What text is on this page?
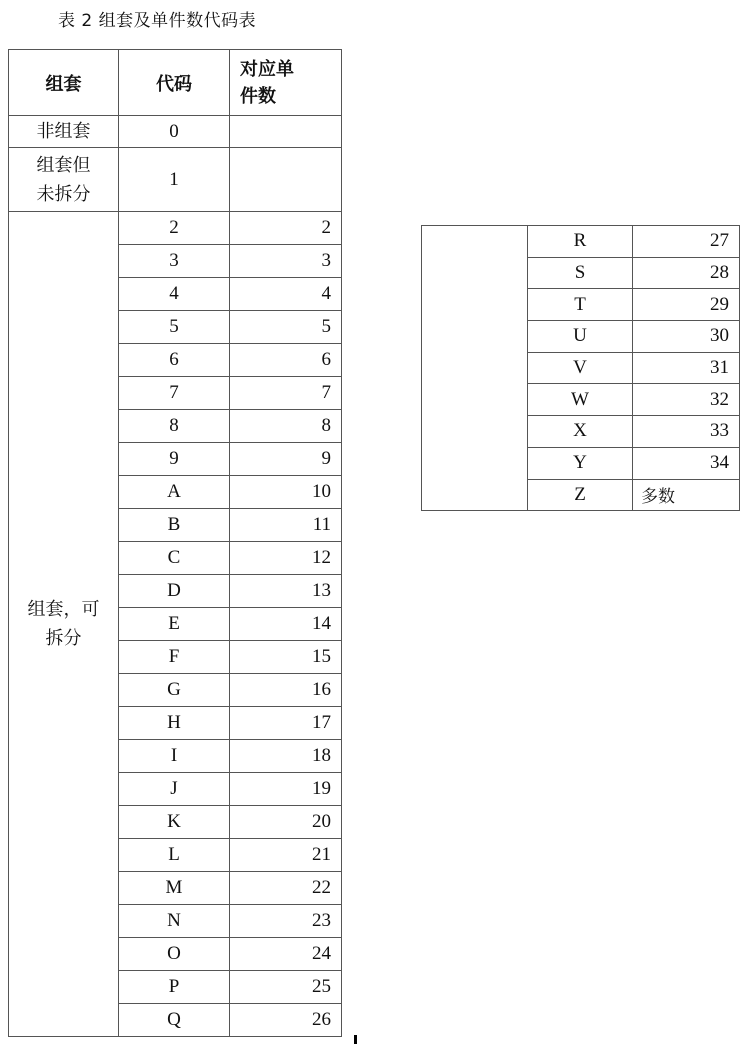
表 2 组套及单件数代码表
组套	代码	对应单
件数
非组套	0	
组套但
未拆分	1	
组套，可
拆分	2	2
	3	3
	4	4
	5	5
	6	6
	7	7
	8	8
	9	9
	A	10
	B	11
	C	12
	D	13
	E	14
	F	15
	G	16
	H	17
	I	18
	J	19
	K	20
	L	21
	M	22
	N	23
	O	24
	P	25
	Q	26
	R	27
	S	28
	T	29
	U	30
	V	31
	W	32
	X	33
	Y	34
	Z	多数
